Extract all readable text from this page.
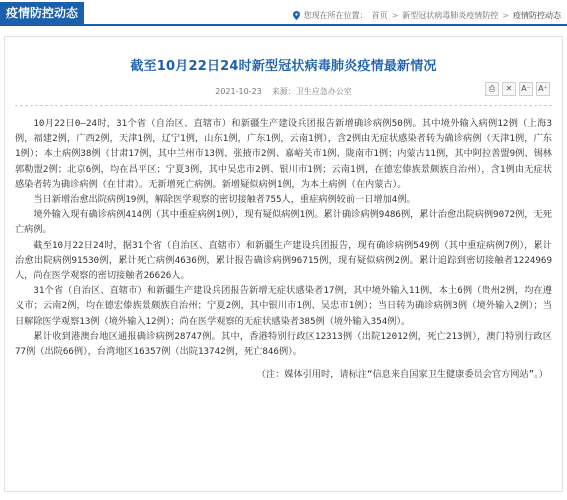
疫情防控动态	您现在所在位置： 首页 > 新型冠状病毒肺炎疫情防控 > 疫情防控动态
截至10月22日24时新型冠状病毒肺炎疫情最新情况
2021-10-23 来源：卫生应急办公室	⎙	✕	A⁻ A⁺

10月22日0—24时，31个省（自治区、直辖市）和新疆生产建设兵团报告新增确诊病例50例。其中境外输入病例12例（上海3例，福建2例，广西2例，天津1例，辽宁1例，山东1例，广东1例，云南1例），含2例由无症状感染者转为确诊病例（天津1例，广东1例）；本土病例38例（甘肃17例，其中兰州市13例、张掖市2例、嘉峪关市1例、陇南市1例；内蒙古11例，其中阿拉善盟9例、锡林郭勒盟2例；北京6例，均在昌平区；宁夏3例，其中吴忠市2例、银川市1例；云南1例，在德宏傣族景颇族自治州），含1例由无症状感染者转为确诊病例（在甘肃）。无新增死亡病例。新增疑似病例1例，为本土病例（在内蒙古）。

当日新增治愈出院病例19例，解除医学观察的密切接触者755人，重症病例较前一日增加4例。

境外输入现有确诊病例414例（其中重症病例1例），现有疑似病例1例。累计确诊病例9486例，累计治愈出院病例9072例，无死亡病例。

截至10月22日24时，据31个省（自治区、直辖市）和新疆生产建设兵团报告，现有确诊病例549例（其中重症病例7例），累计治愈出院病例91530例，累计死亡病例4636例，累计报告确诊病例96715例，现有疑似病例2例。累计追踪到密切接触者1224969人，尚在医学观察的密切接触者26626人。

31个省（自治区、直辖市）和新疆生产建设兵团报告新增无症状感染者17例，其中境外输入11例，本土6例（贵州2例，均在遵义市；云南2例，均在德宏傣族景颇族自治州；宁夏2例，其中银川市1例、吴忠市1例）；当日转为确诊病例3例（境外输入2例）；当日解除医学观察13例（境外输入12例）；尚在医学观察的无症状感染者385例（境外输入354例）。

累计收到港澳台地区通报确诊病例28747例。其中，香港特别行政区12313例（出院12012例，死亡213例），澳门特别行政区77例（出院66例），台湾地区16357例（出院13742例，死亡846例）。

（注：媒体引用时，请标注“信息来自国家卫生健康委员会官方网站”。）
